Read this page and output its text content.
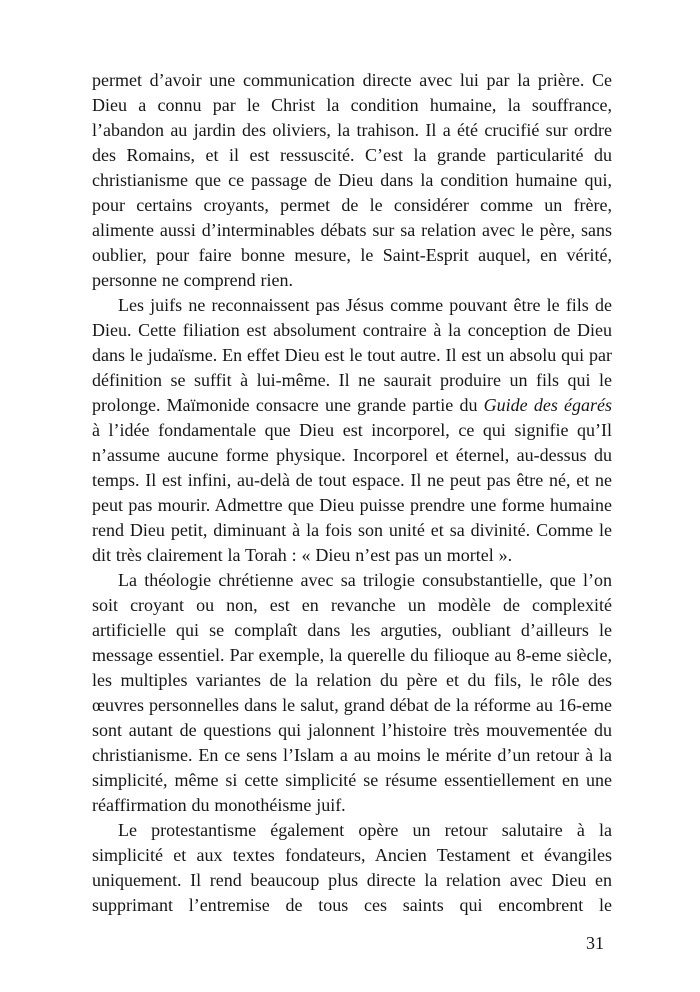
permet d’avoir une communication directe avec lui par la prière. Ce Dieu a connu par le Christ la condition humaine, la souffrance, l’abandon au jardin des oliviers, la trahison. Il a été crucifié sur ordre des Romains, et il est ressuscité. C’est la grande particularité du christianisme que ce passage de Dieu dans la condition humaine qui, pour certains croyants, permet de le considérer comme un frère, alimente aussi d’interminables débats sur sa relation avec le père, sans oublier, pour faire bonne mesure, le Saint-Esprit auquel, en vérité, personne ne comprend rien.

Les juifs ne reconnaissent pas Jésus comme pouvant être le fils de Dieu. Cette filiation est absolument contraire à la conception de Dieu dans le judaïsme. En effet Dieu est le tout autre. Il est un absolu qui par définition se suffit à lui-même. Il ne saurait produire un fils qui le prolonge. Maïmonide consacre une grande partie du Guide des égarés à l’idée fondamentale que Dieu est incorporel, ce qui signifie qu’Il n’assume aucune forme physique. Incorporel et éternel, au-dessus du temps. Il est infini, au-delà de tout espace. Il ne peut pas être né, et ne peut pas mourir. Admettre que Dieu puisse prendre une forme humaine rend Dieu petit, diminuant à la fois son unité et sa divinité. Comme le dit très clairement la Torah : « Dieu n’est pas un mortel ».

La théologie chrétienne avec sa trilogie consubstantielle, que l’on soit croyant ou non, est en revanche un modèle de complexité artificielle qui se complaît dans les arguties, oubliant d’ailleurs le message essentiel. Par exemple, la querelle du filioque au 8-eme siècle, les multiples variantes de la relation du père et du fils, le rôle des œuvres personnelles dans le salut, grand débat de la réforme au 16-eme sont autant de questions qui jalonnent l’histoire très mouvementée du christianisme. En ce sens l’Islam a au moins le mérite d’un retour à la simplicité, même si cette simplicité se résume essentiellement en une réaffirmation du monothéisme juif.

Le protestantisme également opère un retour salutaire à la simplicité et aux textes fondateurs, Ancien Testament et évangiles uniquement. Il rend beaucoup plus directe la relation avec Dieu en supprimant l’entremise de tous ces saints qui encombrent le

31
